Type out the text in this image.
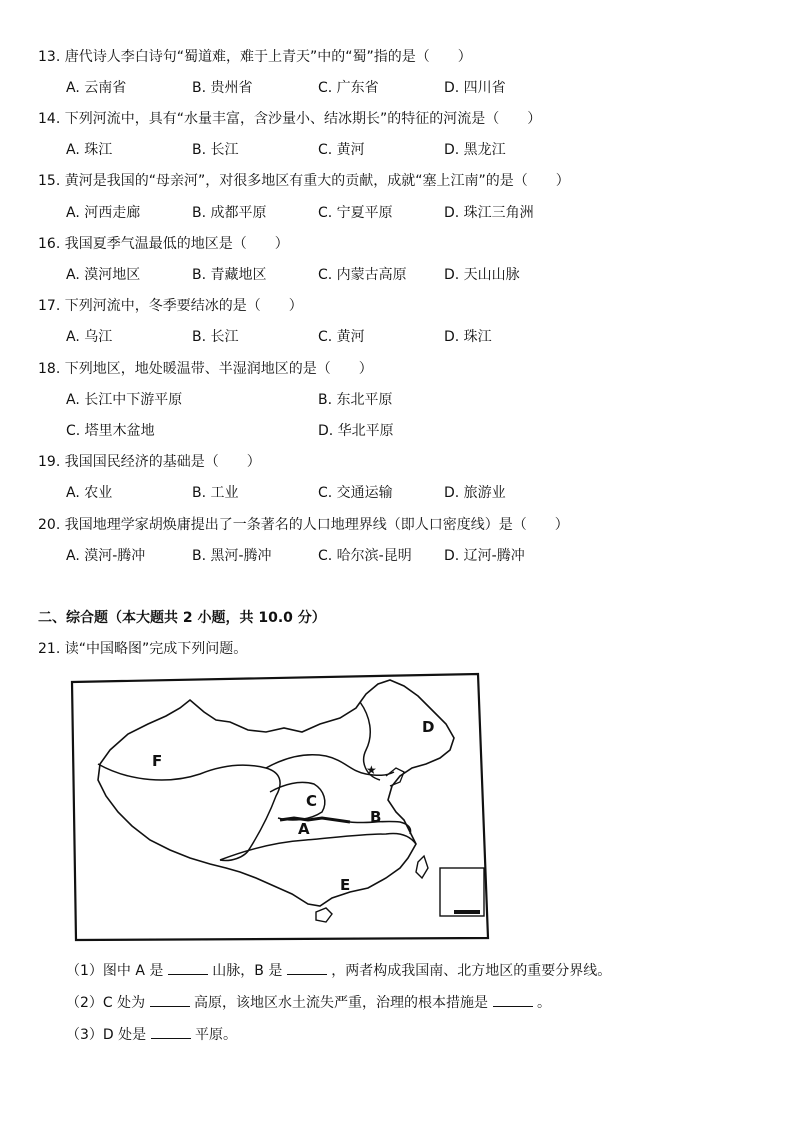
13. 唐代诗人李白诗句“蜀道难，难于上青天”中的“蜀”指的是（　　）
A. 云南省	B. 贵州省	C. 广东省	D. 四川省
14. 下列河流中，具有“水量丰富，含沙量小、结冰期长”的特征的河流是（　　）
A. 珠江	B. 长江	C. 黄河	D. 黑龙江
15. 黄河是我国的“母亲河”，对很多地区有重大的贡献，成就“塞上江南”的是（　　）
A. 河西走廊	B. 成都平原	C. 宁夏平原	D. 珠江三角洲
16. 我国夏季气温最低的地区是（　　）
A. 漠河地区	B. 青藏地区	C. 内蒙古高原	D. 天山山脉
17. 下列河流中，冬季要结冰的是（　　）
A. 乌江	B. 长江	C. 黄河	D. 珠江
18. 下列地区，地处暖温带、半湿润地区的是（　　）
A. 长江中下游平原	B. 东北平原
C. 塔里木盆地	D. 华北平原
19. 我国国民经济的基础是（　　）
A. 农业	B. 工业	C. 交通运输	D. 旅游业
20. 我国地理学家胡焕庸提出了一条著名的人口地理界线（即人口密度线）是（　　）
A. 漠河-腾冲	B. 黑河-腾冲	C. 哈尔滨-昆明 D. 辽河-腾冲
二、综合题（本大题共 2 小题，共 10.0 分）
21. 读“中国略图”完成下列问题。
★
A
B
C
D
E
F
（1）图中 A 是	山脉，B 是	，两者构成我国南、北方地区的重要分界线。
（2）C 处为	高原，该地区水土流失严重，治理的根本措施是	。
（3）D 处是	平原。
